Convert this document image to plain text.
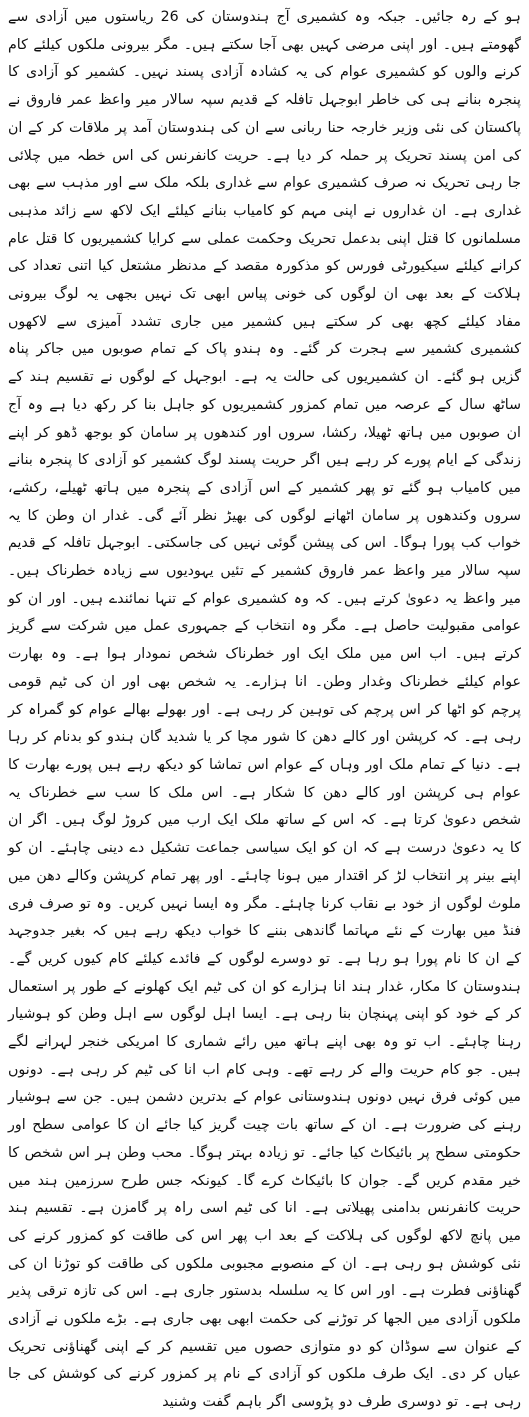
ہو کے رہ جائیں۔ جبکہ وہ کشمیری آج ہندوستان کی 26 ریاستوں میں آزادی سے گھومتے ہیں۔ اور اپنی مرضی کہیں بھی آجا سکتے ہیں۔ مگر بیرونی ملکوں کیلئے کام کرنے والوں کو کشمیری عوام کی یہ کشادہ آزادی پسند نہیں۔ کشمیر کو آزادی کا پنجرہ بنانے ہی کی خاطر ابوجہل تافلہ کے قدیم سپہ سالار میر واعظ عمر فاروق نے پاکستان کی نئی وزیر خارجہ حنا ربانی سے ان کی ہندوستان آمد پر ملاقات کر کے ان کی امن پسند تحریک پر حملہ کر دیا ہے۔ حریت کانفرنس کی اس خطہ میں چلائی جا رہی تحریک نہ صرف کشمیری عوام سے غداری بلکہ ملک سے اور مذہب سے بھی غداری ہے۔ ان غداروں نے اپنی مہم کو کامیاب بنانے کیلئے ایک لاکھ سے زائد مذہبی مسلمانوں کا قتل اپنی بدعمل تحریک وحکمت عملی سے کرایا کشمیریوں کا قتل عام کرانے کیلئے سیکیورٹی فورس کو مذکورہ مقصد کے مدنظر مشتعل کیا اتنی تعداد کی ہلاکت کے بعد بھی ان لوگوں کی خونی پیاس ابھی تک نہیں بجھی یہ لوگ بیرونی مفاد کیلئے کچھ بھی کر سکتے ہیں کشمیر میں جاری تشدد آمیزی سے لاکھوں کشمیری کشمیر سے ہجرت کر گئے۔ وہ ہندو پاک کے تمام صوبوں میں جاکر پناہ گزیں ہو گئے۔ ان کشمیریوں کی حالت یہ ہے۔ ابوجہل کے لوگوں نے تقسیم ہند کے ساٹھ سال کے عرصہ میں تمام کمزور کشمیریوں کو جاہل بنا کر رکھ دیا ہے وہ آج ان صوبوں میں ہاتھ ٹھیلا، رکشا، سروں اور کندھوں پر سامان کو بوجھ ڈھو کر اپنے زندگی کے ایام پورے کر رہے ہیں اگر حریت پسند لوگ کشمیر کو آزادی کا پنجرہ بنانے میں کامیاب ہو گئے تو پھر کشمیر کے اس آزادی کے پنجرہ میں ہاتھ ٹھیلے، رکشے، سروں وکندھوں پر سامان اٹھانے لوگوں کی بھیڑ نظر آئے گی۔ غدار ان وطن کا یہ خواب کب پورا ہوگا۔ اس کی پیشن گوئی نہیں کی جاسکتی۔ ابوجہل تافلہ کے قدیم سپہ سالار میر واعظ عمر فاروق کشمیر کے تئیں یہودیوں سے زیادہ خطرناک ہیں۔ میر واعظ یہ دعویٰ کرتے ہیں۔ کہ وہ کشمیری عوام کے تنہا نمائندے ہیں۔ اور ان کو عوامی مقبولیت حاصل ہے۔ مگر وہ انتخاب کے جمہوری عمل میں شرکت سے گریز کرتے ہیں۔ اب اس میں ملک ایک اور خطرناک شخص نمودار ہوا ہے۔ وہ بھارت عوام کیلئے خطرناک وغدار وطن۔ انا ہزارے۔ یہ شخص بھی اور ان کی ٹیم قومی پرچم کو اٹھا کر اس پرچم کی توہین کر رہی ہے۔ اور بھولے بھالے عوام کو گمراہ کر رہی ہے۔ کہ کرپشن اور کالے دھن کا شور مچا کر یا شدید گان ہندو کو بدنام کر رہا ہے۔ دنیا کے تمام ملک اور وہاں کے عوام اس تماشا کو دیکھ رہے ہیں پورے بھارت کا عوام ہی کرپشن اور کالے دھن کا شکار ہے۔ اس ملک کا سب سے خطرناک یہ شخص دعویٰ کرتا ہے۔ کہ اس کے ساتھ ملک ایک ارب میں کروڑ لوگ ہیں۔ اگر ان کا یہ دعویٰ درست ہے کہ ان کو ایک سیاسی جماعت تشکیل دے دینی چاہئے۔ ان کو اپنے بینر پر انتخاب لڑ کر اقتدار میں ہونا چاہئے۔ اور پھر تمام کرپشن وکالے دھن میں ملوث لوگوں از خود بے نقاب کرنا چاہئے۔ مگر وہ ایسا نہیں کریں۔ وہ تو صرف فری فنڈ میں بھارت کے نئے مہاتما گاندھی بننے کا خواب دیکھ رہے ہیں کہ بغیر جدوجہد کے ان کا نام پورا ہو رہا ہے۔ تو دوسرے لوگوں کے فائدے کیلئے کام کیوں کریں گے۔ ہندوستان کا مکار، غدار ہند انا ہزارے کو ان کی ٹیم ایک کھلونے کے طور پر استعمال کر کے خود کو اپنی پہنچان بنا رہی ہے۔ ایسا اہل لوگوں سے اہل وطن کو ہوشیار رہنا چاہئے۔ اب تو وہ بھی اپنے ہاتھ میں رائے شماری کا امریکی خنجر لہرانے لگے ہیں۔ جو کام حریت والے کر رہے تھے۔ وہی کام اب انا کی ٹیم کر رہی ہے۔ دونوں میں کوئی فرق نہیں دونوں ہندوستانی عوام کے بدترین دشمن ہیں۔ جن سے ہوشیار رہنے کی ضرورت ہے۔ ان کے ساتھ بات چیت گریز کیا جائے ان کا عوامی سطح اور حکومتی سطح پر بائیکاٹ کیا جائے۔ تو زیادہ بہتر ہوگا۔ محب وطن ہر اس شخص کا خیر مقدم کریں گے۔ جوان کا بائیکاٹ کرے گا۔ کیونکہ جس طرح سرزمین ہند میں حریت کانفرنس بدامنی پھیلاتی ہے۔ انا کی ٹیم اسی راہ پر گامزن ہے۔ تقسیم ہند میں پانچ لاکھ لوگوں کی ہلاکت کے بعد اب پھر اس کی طاقت کو کمزور کرنے کی نئی کوشش ہو رہی ہے۔ ان کے منصوبے مجبوبی ملکوں کی طاقت کو توڑنا ان کی گھناؤنی فطرت ہے۔ اور اس کا یہ سلسلہ بدستور جاری ہے۔ اس کی تازہ ترقی پذیر ملکوں آزادی میں الجھا کر توڑنے کی حکمت ابھی بھی جاری ہے۔ بڑے ملکوں نے آزادی کے عنوان سے سوڈان کو دو متوازی حصوں میں تقسیم کر کے اپنی گھناؤنی تحریک عیاں کر دی۔ ایک طرف ملکوں کو آزادی کے نام پر کمزور کرنے کی کوشش کی جا رہی ہے۔ تو دوسری طرف دو پڑوسی اگر باہم گفت وشنید
